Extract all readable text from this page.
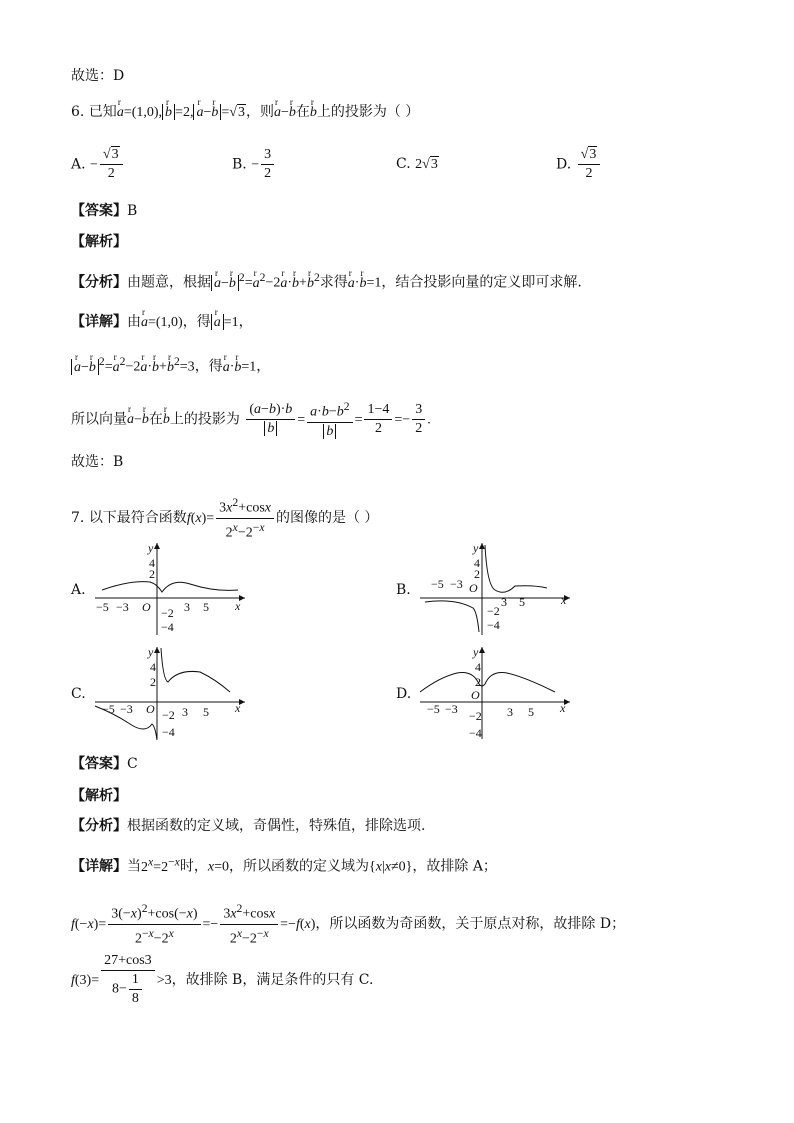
故选：D
6. 已知r a=(1,0), r b =2, r a−r b =√3，则r a−r b在r b上的投影为（ ）
A. − $\frac{√3}{2}$	B. − $\frac{3}{2}$	C. 2√3	D. $\frac{√3}{2}$
【答案】B
【解析】
【分析】由题意，根据 r a−r b $^2$=r $a^2-2r$ a·r b+r $b^2$求得r a·r b=1，结合投影向量的定义即可求解.
【详解】由r a=(1,0)，得 r a =1，
r a−r b $^2$=r $a^2-2r$ a·r b+r $b^2=3$，得r a·r b=1，
所以向量r a−r b在r b上的投影为 $\frac{(a-b)\cdot b}{b} = \frac{a\cdot b-b^2}{b} = \frac{1-4}{2} =- \frac{3}{2}$ .
故选：B
7. 以下最符合函数$f(x)= \frac{3x^2+\cos x}{2^x-2^{-x}}$ 的图像的是（ ）
A.
y
4
2
−5 −3 O	3 5 x
−2
−4
B.
y
4
2
−5 −3 O
3 5	x
−2
−4
C.
y
4
2
−5 −3 O 3 5 x
−2
−4
D.
y
4
2
−5 −3
O
3 5 x
−2
−4
【答案】C
【解析】
【分析】根据函数的定义域，奇偶性，特殊值，排除选项.
【详解】当$2^x=2^{-x}$时，x=0，所以函数的定义域为{x|x≠0}，故排除 A；
$f(-x)= \frac{3(-x)^2+\cos(-x)}{2^{-x}-2^x} =- \frac{3x^2+\cos x}{2^x-2^{-x}} =-f(x)$，所以函数为奇函数，关于原点对称，故排除 D；
$f(3)= \frac{27+\cos 3}{8- \frac{1}{8}} >3$，故排除 B，满足条件的只有 C.
